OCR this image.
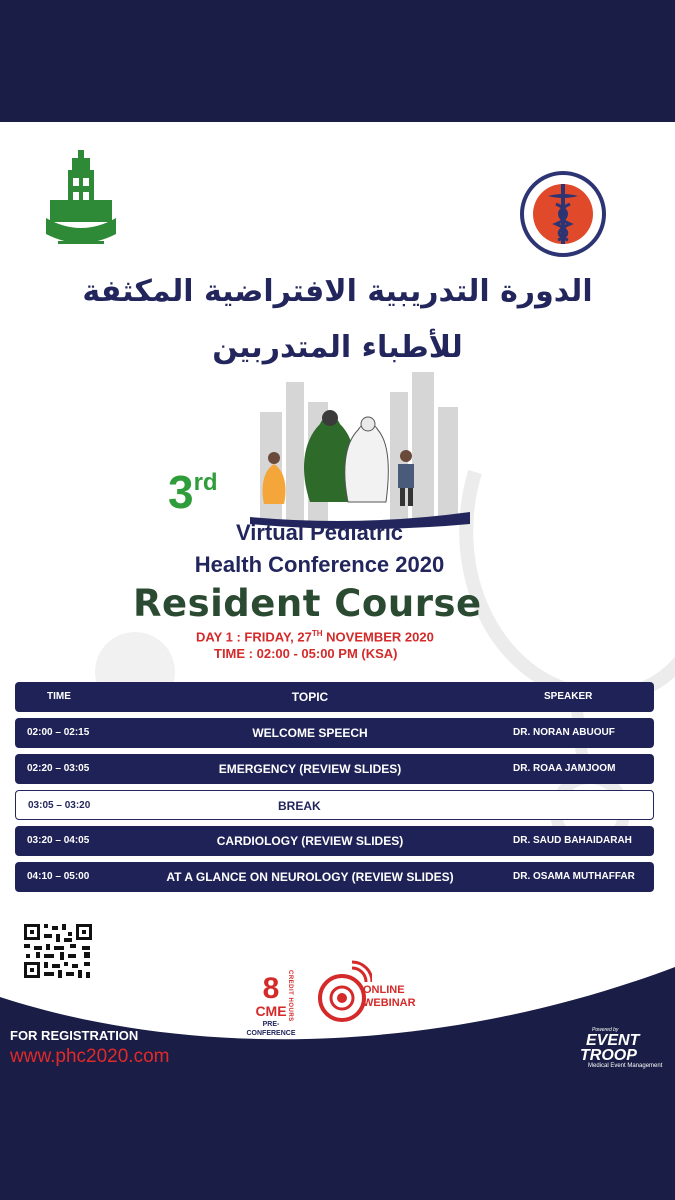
الدورة التدريبية الافتراضية المكثفة
للأطباء المتدربين
3rd
Virtual Pediatric
Health Conference 2020
Resident Course
DAY 1 : FRIDAY, 27TH NOVEMBER 2020
TIME : 02:00 - 05:00 PM (KSA)
TIME	TOPIC	SPEAKER
02:00 – 02:15	WELCOME SPEECH	DR. NORAN ABUOUF
02:20 – 03:05	EMERGENCY (REVIEW SLIDES)	DR. ROAA JAMJOOM
03:05 – 03:20	BREAK
03:20 – 04:05	CARDIOLOGY (REVIEW SLIDES)	DR. SAUD BAHAIDARAH
04:10 – 05:00	AT A GLANCE ON NEUROLOGY (REVIEW SLIDES)	DR. OSAMA MUTHAFFAR
8
CME
PRE-CONFERENCE
CREDIT HOURS	ONLINE
WEBINAR
FOR REGISTRATION
www.phc2020.com
Powered by
EVENT
TROOP
Medical Event Management
